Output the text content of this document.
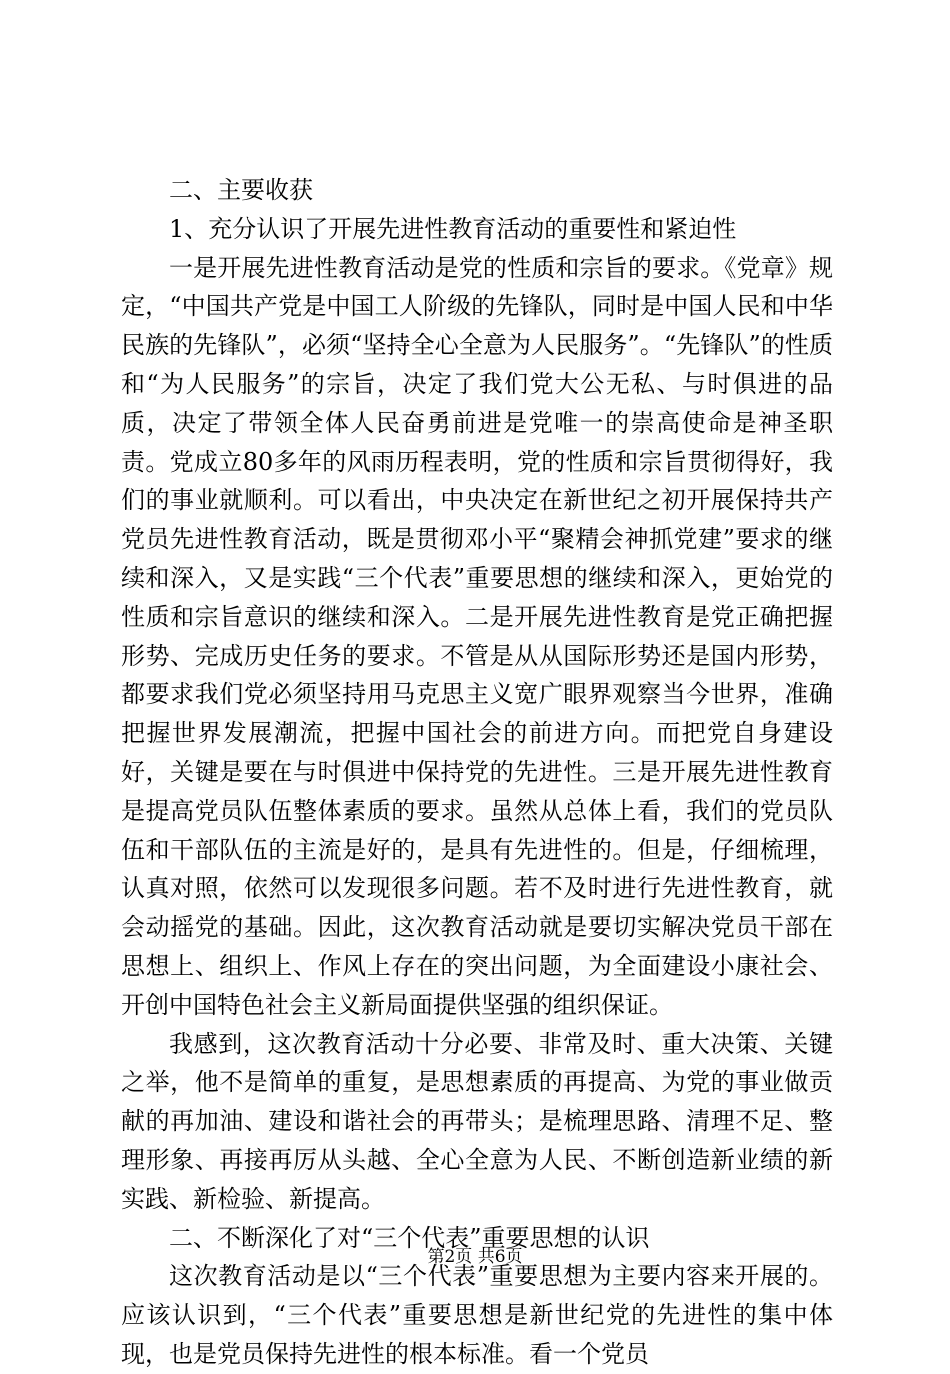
二、主要收获

1、充分认识了开展先进性教育活动的重要性和紧迫性

一是开展先进性教育活动是党的性质和宗旨的要求。《党章》规定，“中国共产党是中国工人阶级的先锋队，同时是中国人民和中华民族的先锋队”，必须“坚持全心全意为人民服务”。“先锋队”的性质和“为人民服务”的宗旨，决定了我们党大公无私、与时俱进的品质，决定了带领全体人民奋勇前进是党唯一的崇高使命是神圣职责。党成立80多年的风雨历程表明，党的性质和宗旨贯彻得好，我们的事业就顺利。可以看出，中央决定在新世纪之初开展保持共产党员先进性教育活动，既是贯彻邓小平“聚精会神抓党建”要求的继续和深入，又是实践“三个代表”重要思想的继续和深入，更始党的性质和宗旨意识的继续和深入。二是开展先进性教育是党正确把握形势、完成历史任务的要求。不管是从从国际形势还是国内形势，都要求我们党必须坚持用马克思主义宽广眼界观察当今世界，准确把握世界发展潮流，把握中国社会的前进方向。而把党自身建设好，关键是要在与时俱进中保持党的先进性。三是开展先进性教育是提高党员队伍整体素质的要求。虽然从总体上看，我们的党员队伍和干部队伍的主流是好的，是具有先进性的。但是，仔细梳理，认真对照，依然可以发现很多问题。若不及时进行先进性教育，就会动摇党的基础。因此，这次教育活动就是要切实解决党员干部在思想上、组织上、作风上存在的突出问题，为全面建设小康社会、开创中国特色社会主义新局面提供坚强的组织保证。

我感到，这次教育活动十分必要、非常及时、重大决策、关键之举，他不是简单的重复，是思想素质的再提高、为党的事业做贡献的再加油、建设和谐社会的再带头；是梳理思路、清理不足、整理形象、再接再厉从头越、全心全意为人民、不断创造新业绩的新实践、新检验、新提高。

二、不断深化了对“三个代表”重要思想的认识

这次教育活动是以“三个代表”重要思想为主要内容来开展的。应该认识到，“三个代表”重要思想是新世纪党的先进性的集中体现，也是党员保持先进性的根本标准。看一个党员

第2页 共6页
